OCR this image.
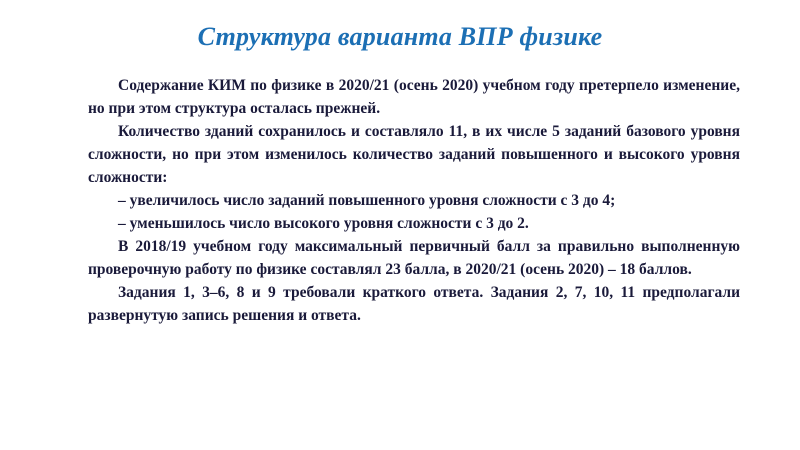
Структура варианта ВПР физике

Содержание КИМ по физике в 2020/21 (осень 2020) учебном году претерпело изменение, но при этом структура осталась прежней.

Количество зданий сохранилось и составляло 11, в их числе 5 заданий базового уровня сложности, но при этом изменилось количество заданий повышенного и высокого уровня сложности:

– увеличилось число заданий повышенного уровня сложности с 3 до 4;

– уменьшилось число высокого уровня сложности с 3 до 2.

В 2018/19 учебном году максимальный первичный балл за правильно выполненную проверочную работу по физике составлял 23 балла, в 2020/21 (осень 2020) – 18 баллов.

Задания 1, 3–6, 8 и 9 требовали краткого ответа. Задания 2, 7, 10, 11 предполагали развернутую запись решения и ответа.
